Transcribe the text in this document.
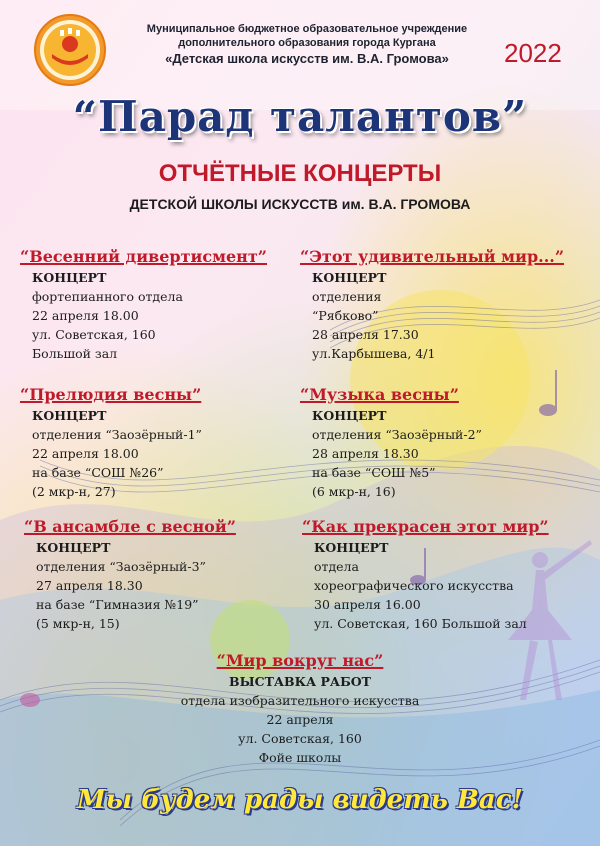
Муниципальное бюджетное образовательное учреждение
дополнительного образования города Кургана
«Детская школа искусств им. В.А. Громова»	2022
“Парад талантов”
ОТЧЁТНЫЕ КОНЦЕРТЫ
ДЕТСКОЙ ШКОЛЫ ИСКУССТВ им. В.А. ГРОМОВА
“Весенний дивертисмент”
КОНЦЕРТ
фортепианного отдела
22 апреля 18.00
ул. Советская, 160
Большой зал
“Этот удивительный мир...”
КОНЦЕРТ
отделения
“Рябково”
28 апреля 17.30
ул.Карбышева, 4/1
“Прелюдия весны”
КОНЦЕРТ
отделения “Заозёрный-1”
22 апреля 18.00
на базе “СОШ №26”
(2 мкр-н, 27)
“Музыка весны”
КОНЦЕРТ
отделения “Заозёрный-2”
28 апреля 18.30
на базе “СОШ №5”
(6 мкр-н, 16)
“В ансамбле с весной”
КОНЦЕРТ
отделения “Заозёрный-3”
27 апреля 18.30
на базе “Гимназия №19”
(5 мкр-н, 15)
“Как прекрасен этот мир”
КОНЦЕРТ
отдела
хореографического искусства
30 апреля 16.00
ул. Советская, 160 Большой зал
“Мир вокруг нас”
ВЫСТАВКА РАБОТ
отдела изобразительного искусства
22 апреля
ул. Советская, 160
Фойе школы
Мы будем рады видеть Вас!
